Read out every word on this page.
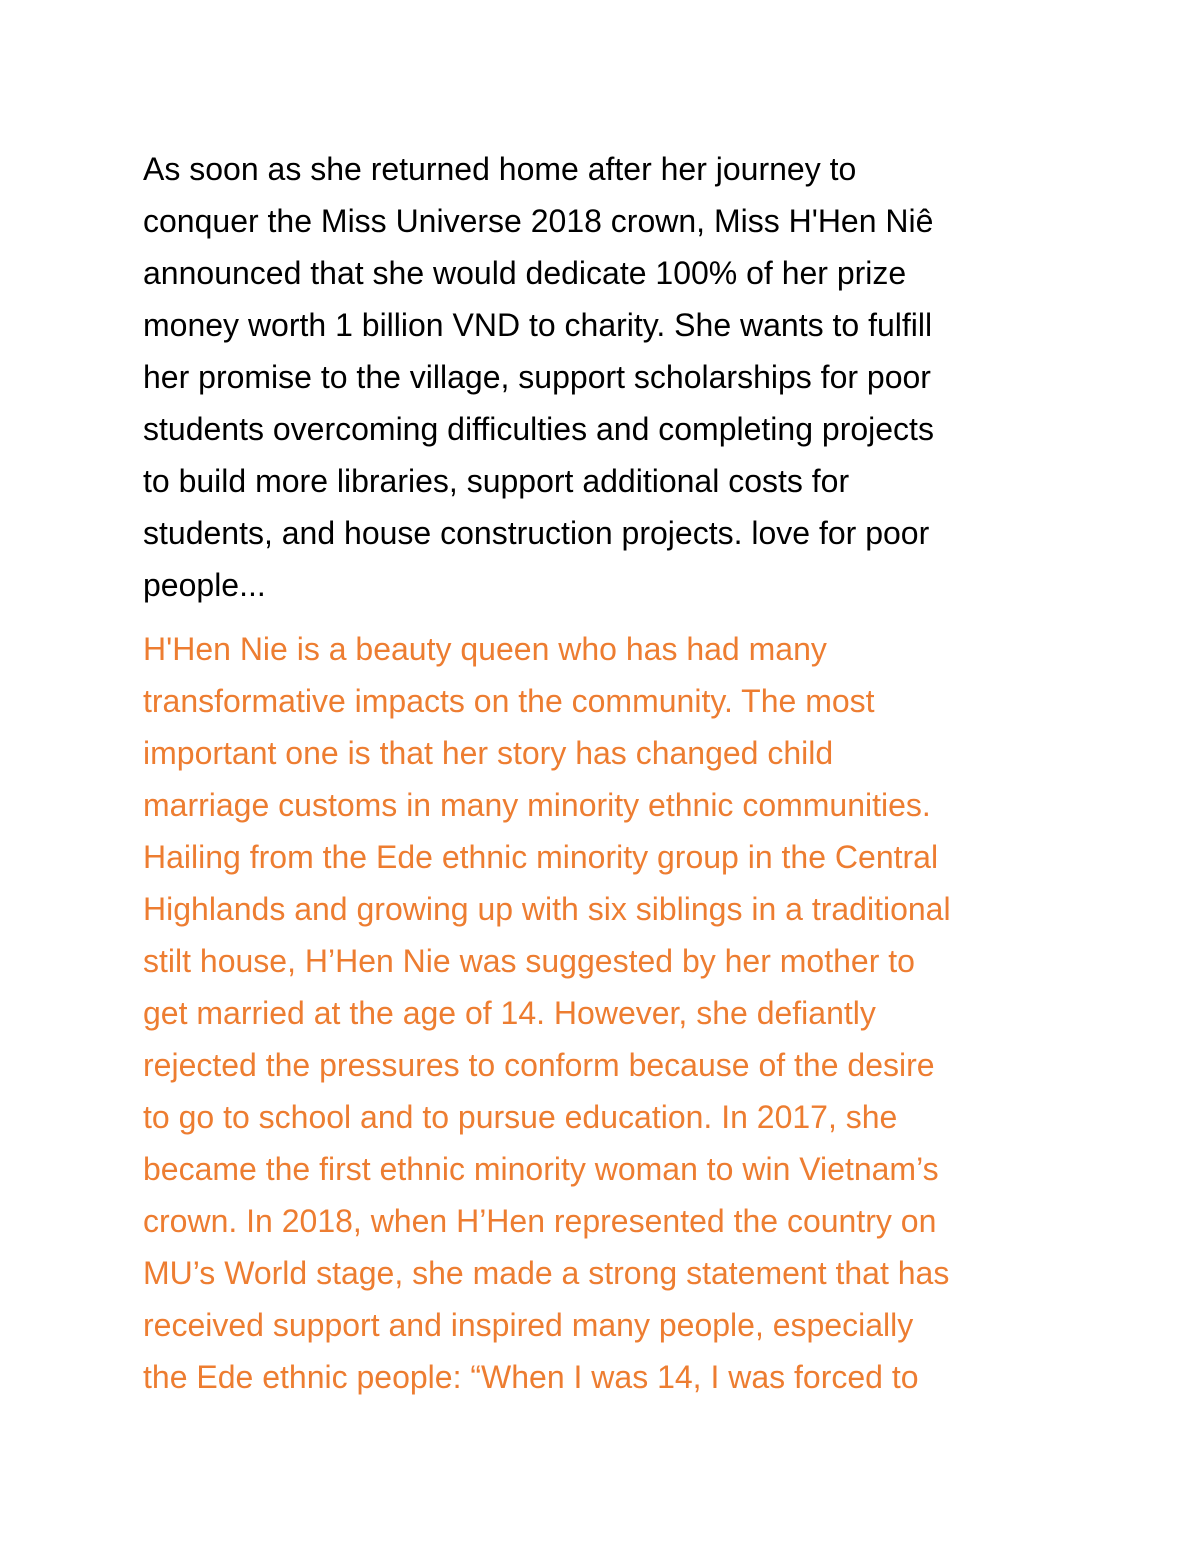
As soon as she returned home after her journey to
conquer the Miss Universe 2018 crown, Miss H'Hen Niê
announced that she would dedicate 100% of her prize
money worth 1 billion VND to charity. She wants to fulfill
her promise to the village, support scholarships for poor
students overcoming difficulties and completing projects
to build more libraries, support additional costs for
students, and house construction projects. love for poor
people...

H'Hen Nie is a beauty queen who has had many
transformative impacts on the community. The most
important one is that her story has changed child
marriage customs in many minority ethnic communities.
Hailing from the Ede ethnic minority group in the Central
Highlands and growing up with six siblings in a traditional
stilt house, H’Hen Nie was suggested by her mother to
get married at the age of 14. However, she defiantly
rejected the pressures to conform because of the desire
to go to school and to pursue education. In 2017, she
became the first ethnic minority woman to win Vietnam’s
crown. In 2018, when H’Hen represented the country on
MU’s World stage, she made a strong statement that has
received support and inspired many people, especially
the Ede ethnic people: “When I was 14, I was forced to
